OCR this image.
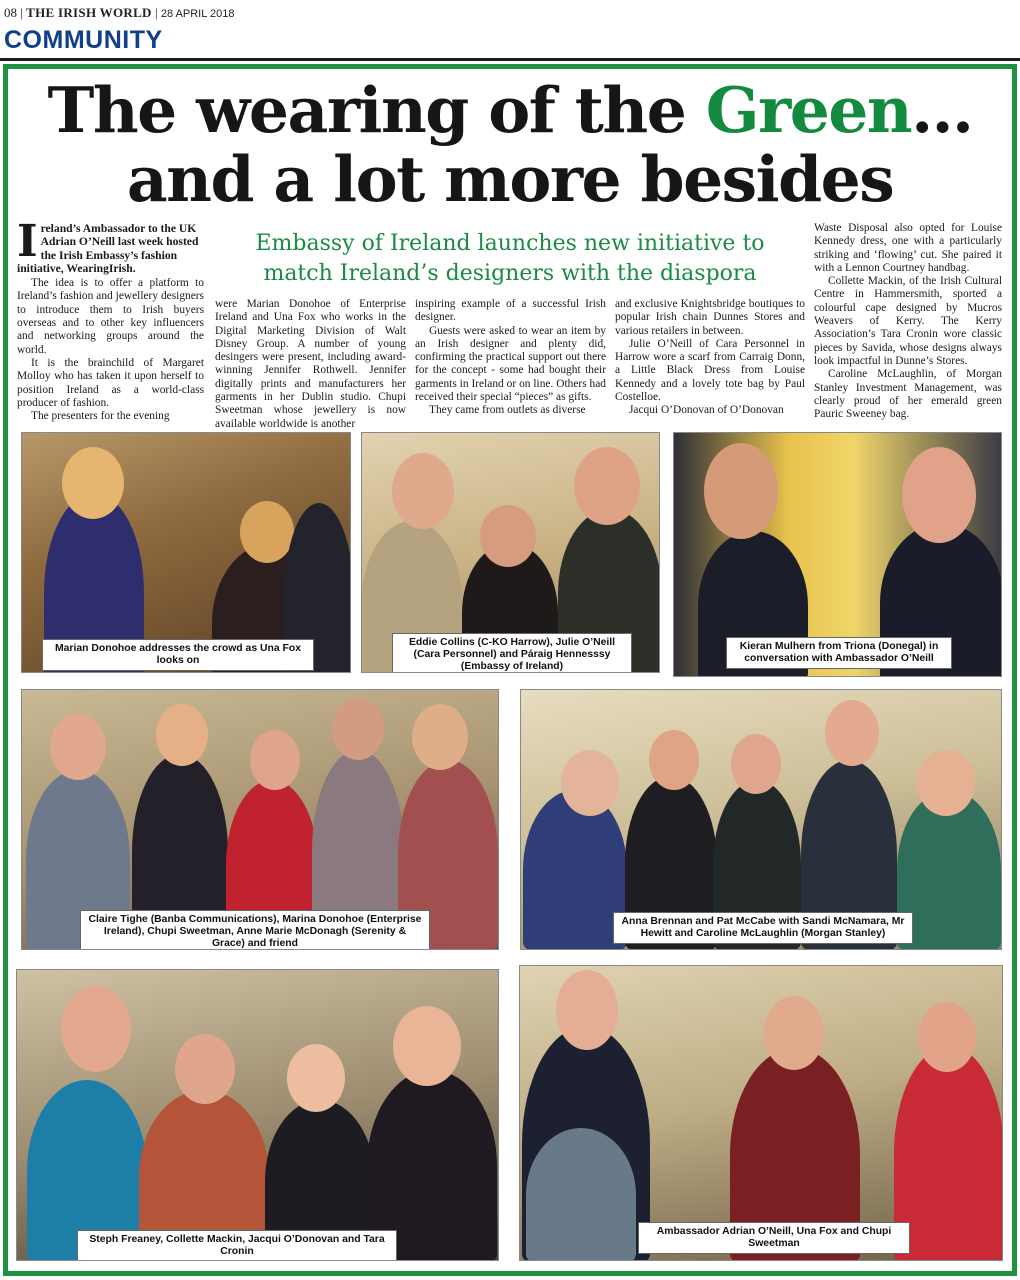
08 | THE IRISH WORLD | 28 APRIL 2018
COMMUNITY
The wearing of the Green...
and a lot more besides
Embassy of Ireland launches new initiative to match Ireland’s designers with the diaspora
Ireland’s Ambassador to the UK Adrian O’Neill last week hosted the Irish Embassy’s fashion initiative, WearingIrish.

The idea is to offer a platform to Ireland’s fashion and jewellery designers to introduce them to Irish buyers overseas and to other key influencers and networking groups around the world.

It is the brainchild of Margaret Molloy who has taken it upon herself to position Ireland as a world-class producer of fashion.

The presenters for the evening

were Marian Donohoe of Enterprise Ireland and Una Fox who works in the Digital Marketing Division of Walt Disney Group. A number of young desingers were present, including award-winning Jennifer Rothwell. Jennifer digitally prints and manufacturers her garments in her Dublin studio. Chupi Sweetman whose jewellery is now available worldwide is another

inspiring example of a successful Irish designer.

Guests were asked to wear an item by an Irish designer and plenty did, confirming the practical support out there for the concept - some had bought their garments in Ireland or on line. Others had received their special “pieces” as gifts.

They came from outlets as diverse

and exclusive Knightsbridge boutiques to popular Irish chain Dunnes Stores and various retailers in between.

Julie O’Neill of Cara Personnel in Harrow wore a scarf from Carraig Donn, a Little Black Dress from Louise Kennedy and a lovely tote bag by Paul Costelloe.

Jacqui O’Donovan of O’Donovan

Waste Disposal also opted for Louise Kennedy dress, one with a particularly striking and ‘flowing’ cut. She paired it with a Lennon Courtney handbag.

Collette Mackin, of the Irish Cultural Centre in Hammersmith, sported a colourful cape designed by Mucros Weavers of Kerry. The Kerry Association’s Tara Cronin wore classic pieces by Savida, whose designs always look impactful in Dunne’s Stores.

Caroline McLaughlin, of Morgan Stanley Investment Management, was clearly proud of her emerald green Pauric Sweeney bag.

Marian Donohoe addresses the crowd as Una Fox looks on
Eddie Collins (C-KO Harrow), Julie O’Neill (Cara Personnel) and Páraig Hennesssy (Embassy of Ireland)
Kieran Mulhern from Triona (Donegal) in conversation with Ambassador O’Neill
Claire Tighe (Banba Communications), Marina Donohoe (Enterprise Ireland), Chupi Sweetman, Anne Marie McDonagh (Serenity & Grace) and friend
Anna Brennan and Pat McCabe with Sandi McNamara, Mr Hewitt and Caroline McLaughlin (Morgan Stanley)
Steph Freaney, Collette Mackin, Jacqui O’Donovan and Tara Cronin
Ambassador Adrian O’Neill, Una Fox and Chupi Sweetman
